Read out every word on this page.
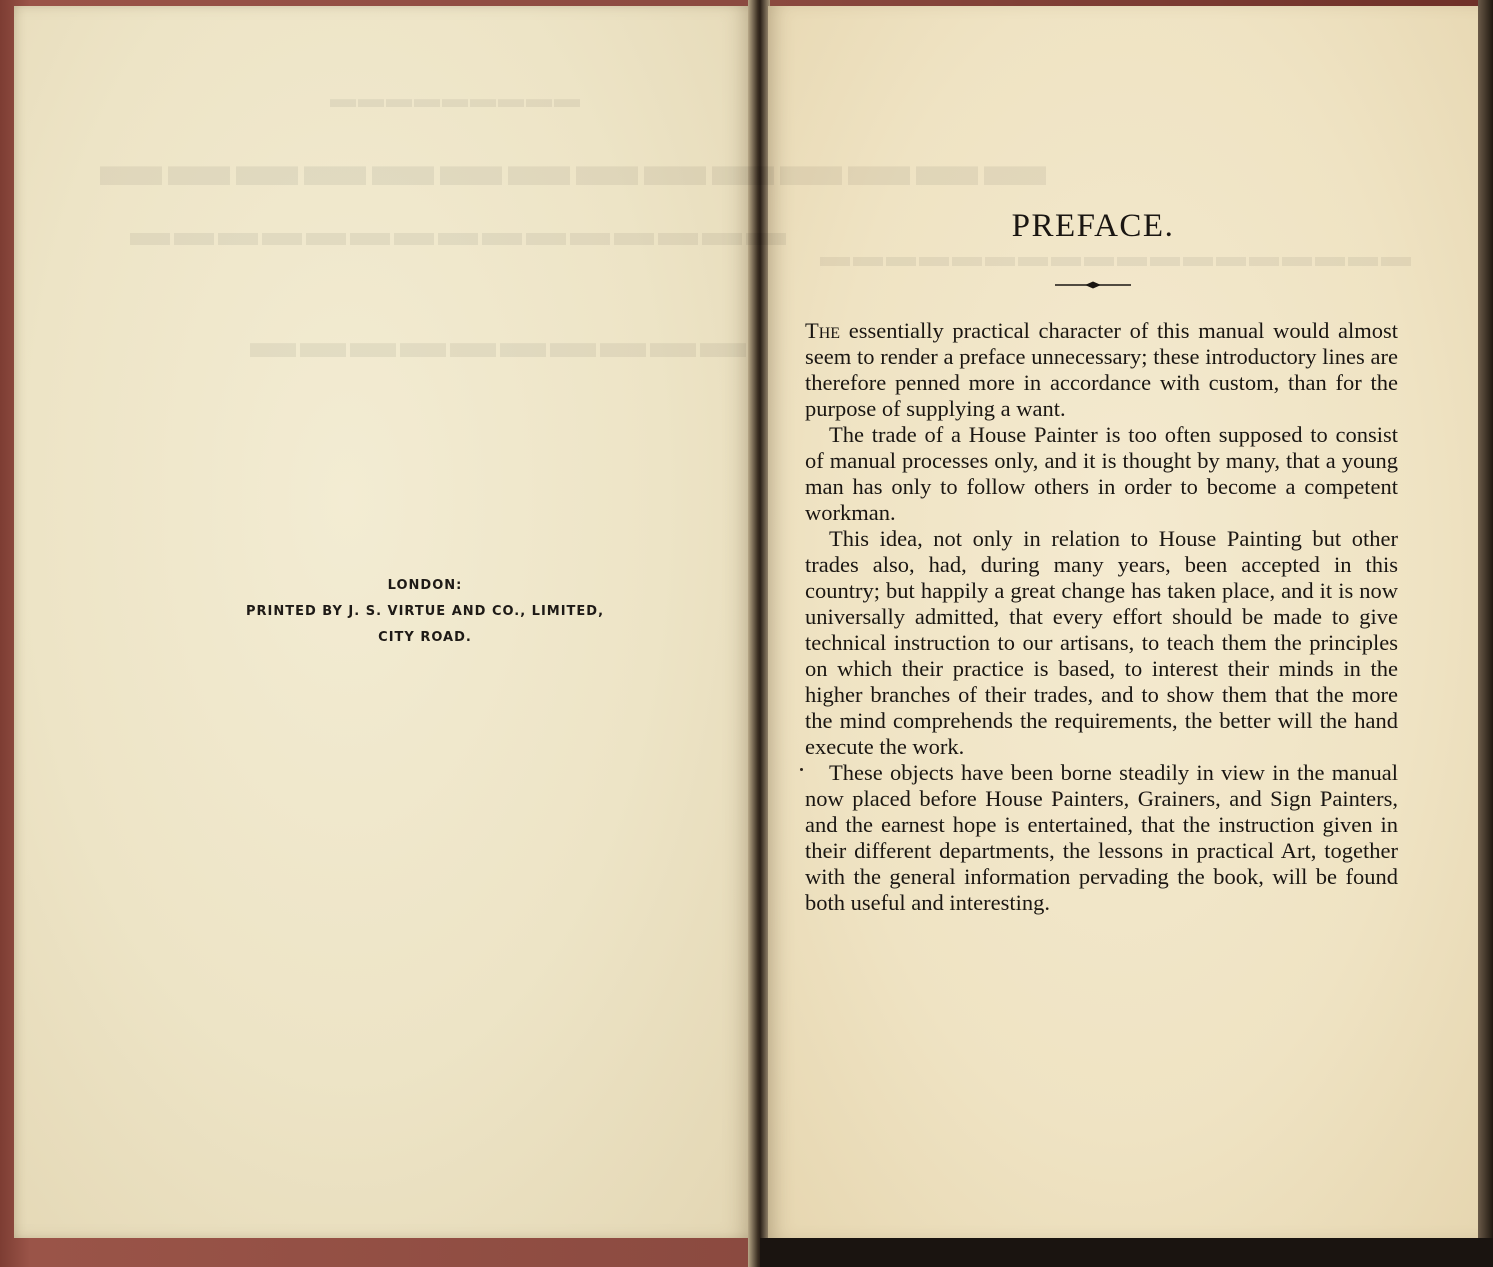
▬▬▬▬▬▬▬▬▬
▬▬▬▬▬▬▬▬▬▬▬▬▬▬
▬▬▬▬▬▬▬▬▬▬▬▬▬▬▬
▬▬▬▬▬▬▬▬▬▬
▬▬▬▬▬▬▬▬▬▬▬▬▬▬▬▬▬▬
LONDON:
PRINTED BY J. S. VIRTUE AND CO., LIMITED,
CITY ROAD.
PREFACE.

The essentially practical character of this manual would almost seem to render a preface unnecessary; these introductory lines are therefore penned more in accordance with custom, than for the purpose of supplying a want.

The trade of a House Painter is too often supposed to consist of manual processes only, and it is thought by many, that a young man has only to follow others in order to become a competent workman.

This idea, not only in relation to House Painting but other trades also, had, during many years, been accepted in this country; but happily a great change has taken place, and it is now universally admitted, that every effort should be made to give technical instruction to our artisans, to teach them the principles on which their practice is based, to interest their minds in the higher branches of their trades, and to show them that the more the mind comprehends the requirements, the better will the hand execute the work.

These objects have been borne steadily in view in the manual now placed before House Painters, Grainers, and Sign Painters, and the earnest hope is entertained, that the instruction given in their different departments, the lessons in practical Art, together with the general information pervading the book, will be found both useful and interesting.
